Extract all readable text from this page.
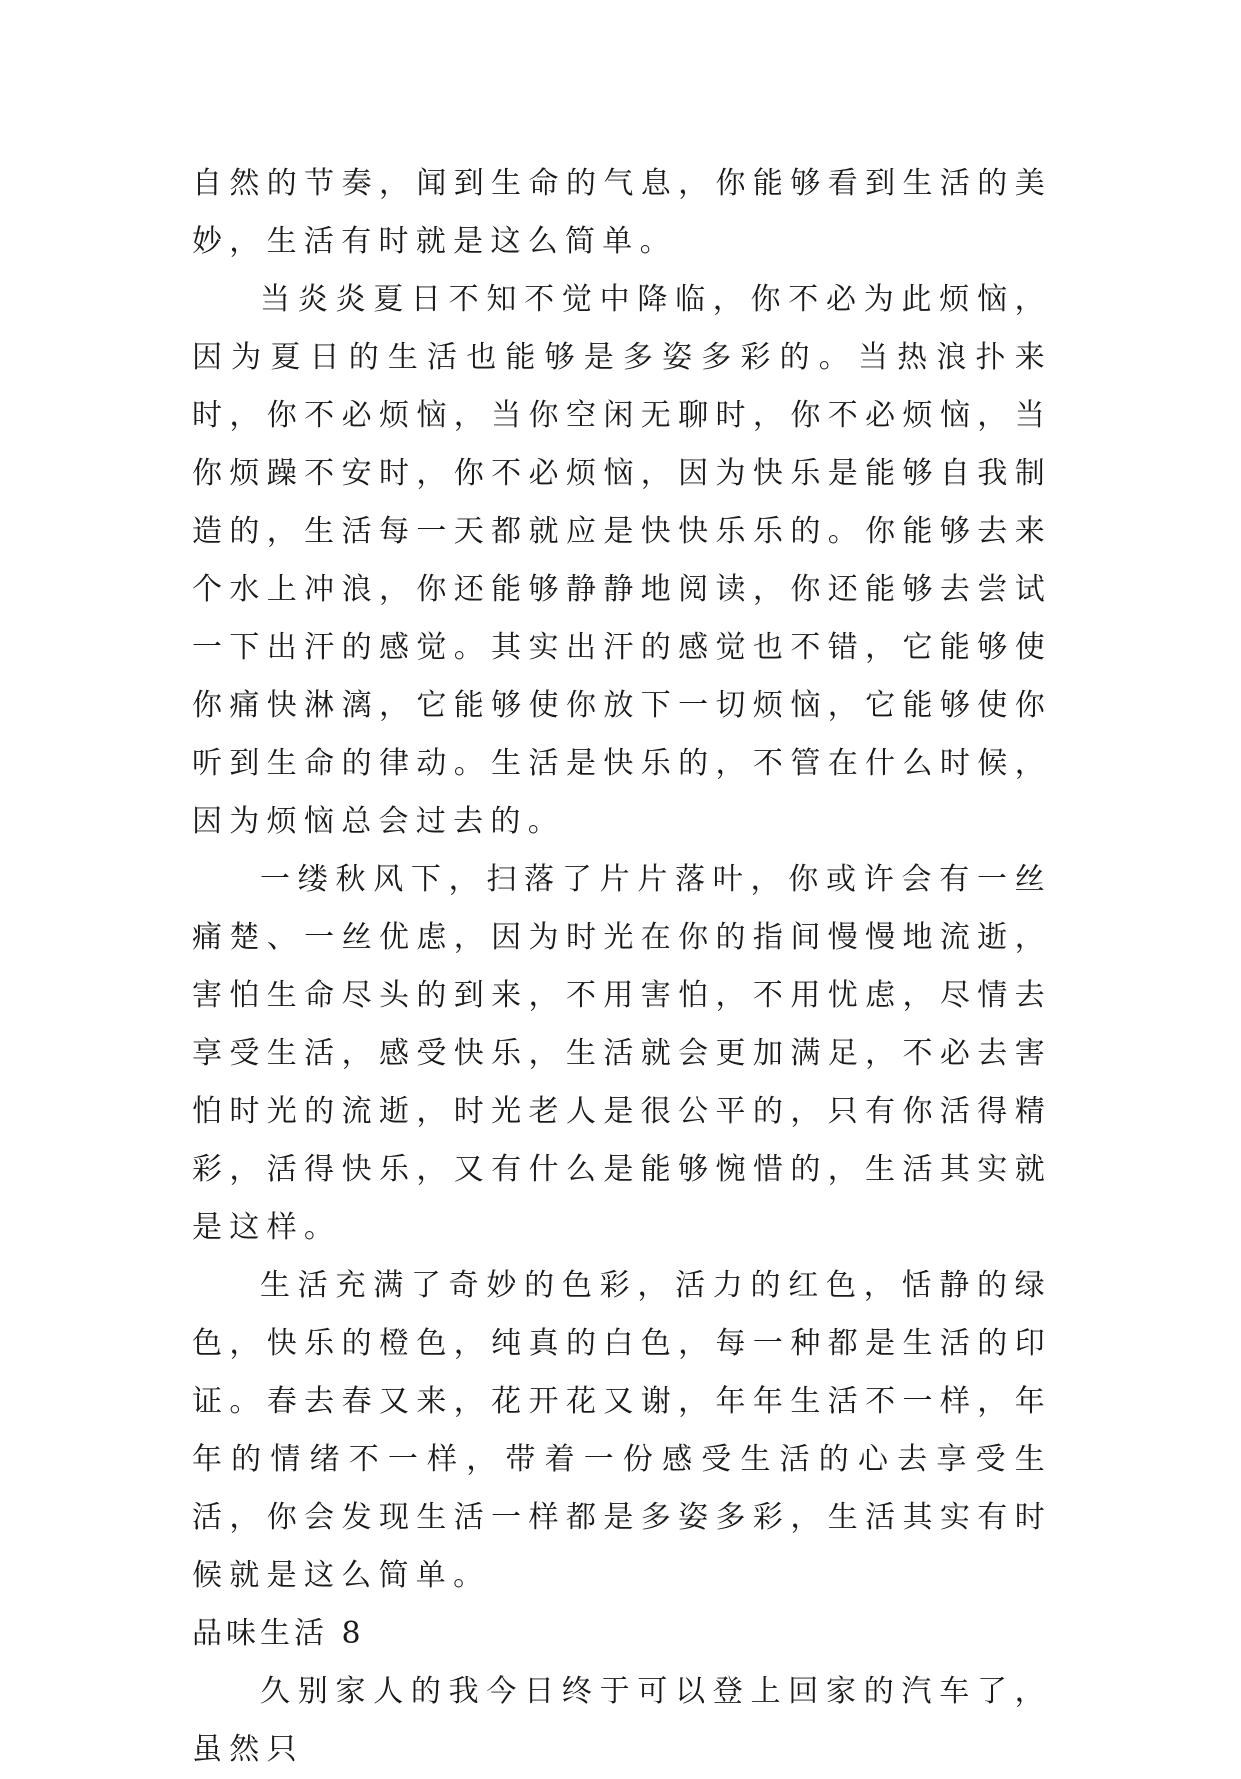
自然的节奏，闻到生命的气息，你能够看到生活的美妙，生活有时就是这么简单。

当炎炎夏日不知不觉中降临，你不必为此烦恼，因为夏日的生活也能够是多姿多彩的。当热浪扑来时，你不必烦恼，当你空闲无聊时，你不必烦恼，当你烦躁不安时，你不必烦恼，因为快乐是能够自我制造的，生活每一天都就应是快快乐乐的。你能够去来个水上冲浪，你还能够静静地阅读，你还能够去尝试一下出汗的感觉。其实出汗的感觉也不错，它能够使你痛快淋漓，它能够使你放下一切烦恼，它能够使你听到生命的律动。生活是快乐的，不管在什么时候，因为烦恼总会过去的。

一缕秋风下，扫落了片片落叶，你或许会有一丝痛楚、一丝优虑，因为时光在你的指间慢慢地流逝，害怕生命尽头的到来，不用害怕，不用忧虑，尽情去享受生活，感受快乐，生活就会更加满足，不必去害怕时光的流逝，时光老人是很公平的，只有你活得精彩，活得快乐，又有什么是能够惋惜的，生活其实就是这样。

生活充满了奇妙的色彩，活力的红色，恬静的绿色，快乐的橙色，纯真的白色，每一种都是生活的印证。春去春又来，花开花又谢，年年生活不一样，年年的情绪不一样，带着一份感受生活的心去享受生活，你会发现生活一样都是多姿多彩，生活其实有时候就是这么简单。

品味生活 8

久别家人的我今日终于可以登上回家的汽车了，虽然只
